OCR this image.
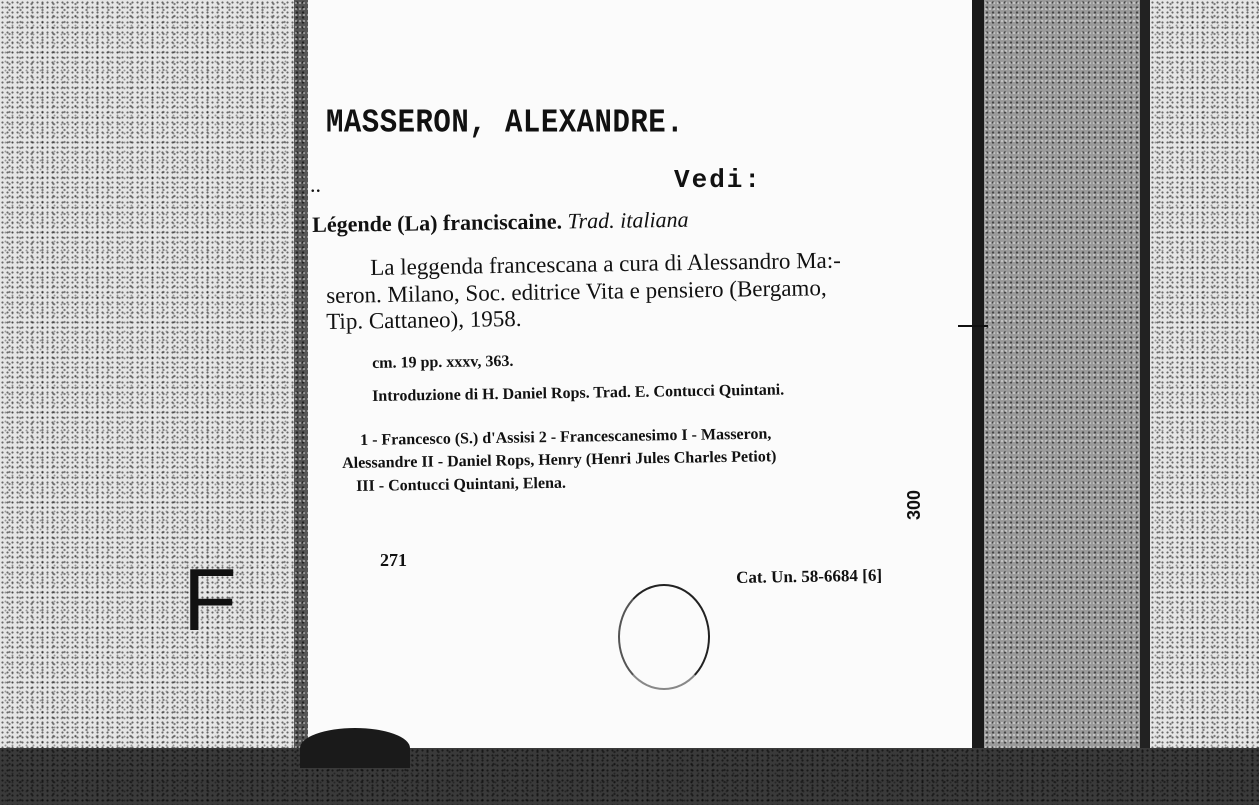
F
MASSERON, ALEXANDRE.
..	Vedi:
Légende (La) franciscaine. Trad. italiana
La leggenda francescana a cura di Alessandro Ma:-
seron. Milano, Soc. editrice Vita e pensiero (Bergamo,
Tip. Cattaneo), 1958.
cm. 19 pp. xxxv, 363.
Introduzione di H. Daniel Rops. Trad. E. Contucci Quintani.
1 - Francesco (S.) d'Assisi 2 - Francescanesimo I - Masseron,
Alessandre II - Daniel Rops, Henry (Henri Jules Charles Petiot)
III - Contucci Quintani, Elena.
271
Cat. Un. 58-6684 [6]
300
